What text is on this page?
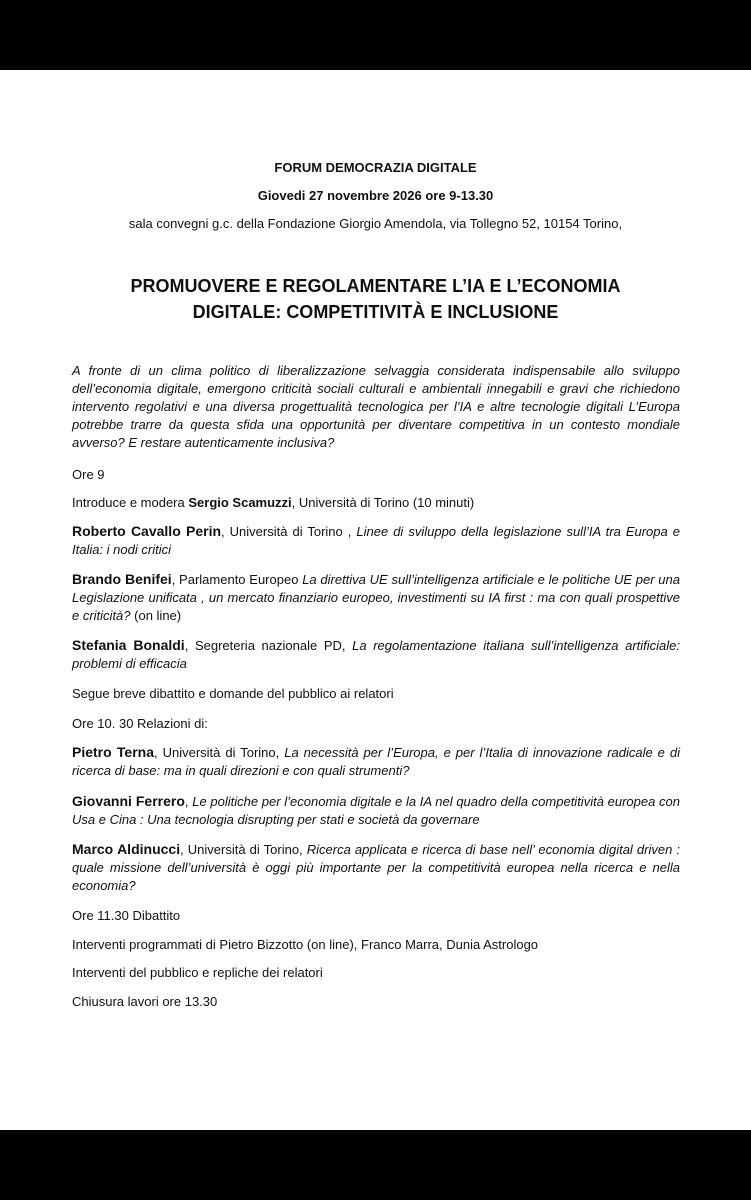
FORUM DEMOCRAZIA DIGITALE
Giovedi 27 novembre 2026 ore 9-13.30
sala convegni g.c. della Fondazione Giorgio Amendola, via Tollegno 52, 10154 Torino,
PROMUOVERE E REGOLAMENTARE L’IA E L’ECONOMIA
DIGITALE: COMPETITIVITÀ E INCLUSIONE

A fronte di un clima politico di liberalizzazione selvaggia considerata indispensabile allo sviluppo dell’economia digitale, emergono criticità sociali culturali e ambientali innegabili e gravi che richiedono intervento regolativi e una diversa progettualità tecnologica per l’IA e altre tecnologie digitali L’Europa potrebbe trarre da questa sfida una opportunità per diventare competitiva in un contesto mondiale avverso? E restare autenticamente inclusiva?

Ore 9

Introduce e modera Sergio Scamuzzi, Università di Torino (10 minuti)

Roberto Cavallo Perin, Università di Torino , Linee di sviluppo della legislazione sull’IA tra Europa e Italia: i nodi critici

Brando Benifei, Parlamento Europeo La direttiva UE sull’intelligenza artificiale e le politiche UE per una Legislazione unificata , un mercato finanziario europeo, investimenti su IA first : ma con quali prospettive e criticità? (on line)

Stefania Bonaldi, Segreteria nazionale PD, La regolamentazione italiana sull’intelligenza artificiale: problemi di efficacia

Segue breve dibattito e domande del pubblico ai relatori

Ore 10. 30 Relazioni di:

Pietro Terna, Università di Torino, La necessità per l’Europa, e per l’Italia di innovazione radicale e di ricerca di base: ma in quali direzioni e con quali strumenti?

Giovanni Ferrero, Le politiche per l’economia digitale e la IA nel quadro della competitività europea con Usa e Cina : Una tecnologia disrupting per stati e società da governare

Marco Aldinucci, Università di Torino, Ricerca applicata e ricerca di base nell’ economia digital driven : quale missione dell’università è oggi più importante per la competitività europea nella ricerca e nella economia?

Ore 11.30 Dibattito

Interventi programmati di Pietro Bizzotto (on line), Franco Marra, Dunia Astrologo

Interventi del pubblico e repliche dei relatori

Chiusura lavori ore 13.30
